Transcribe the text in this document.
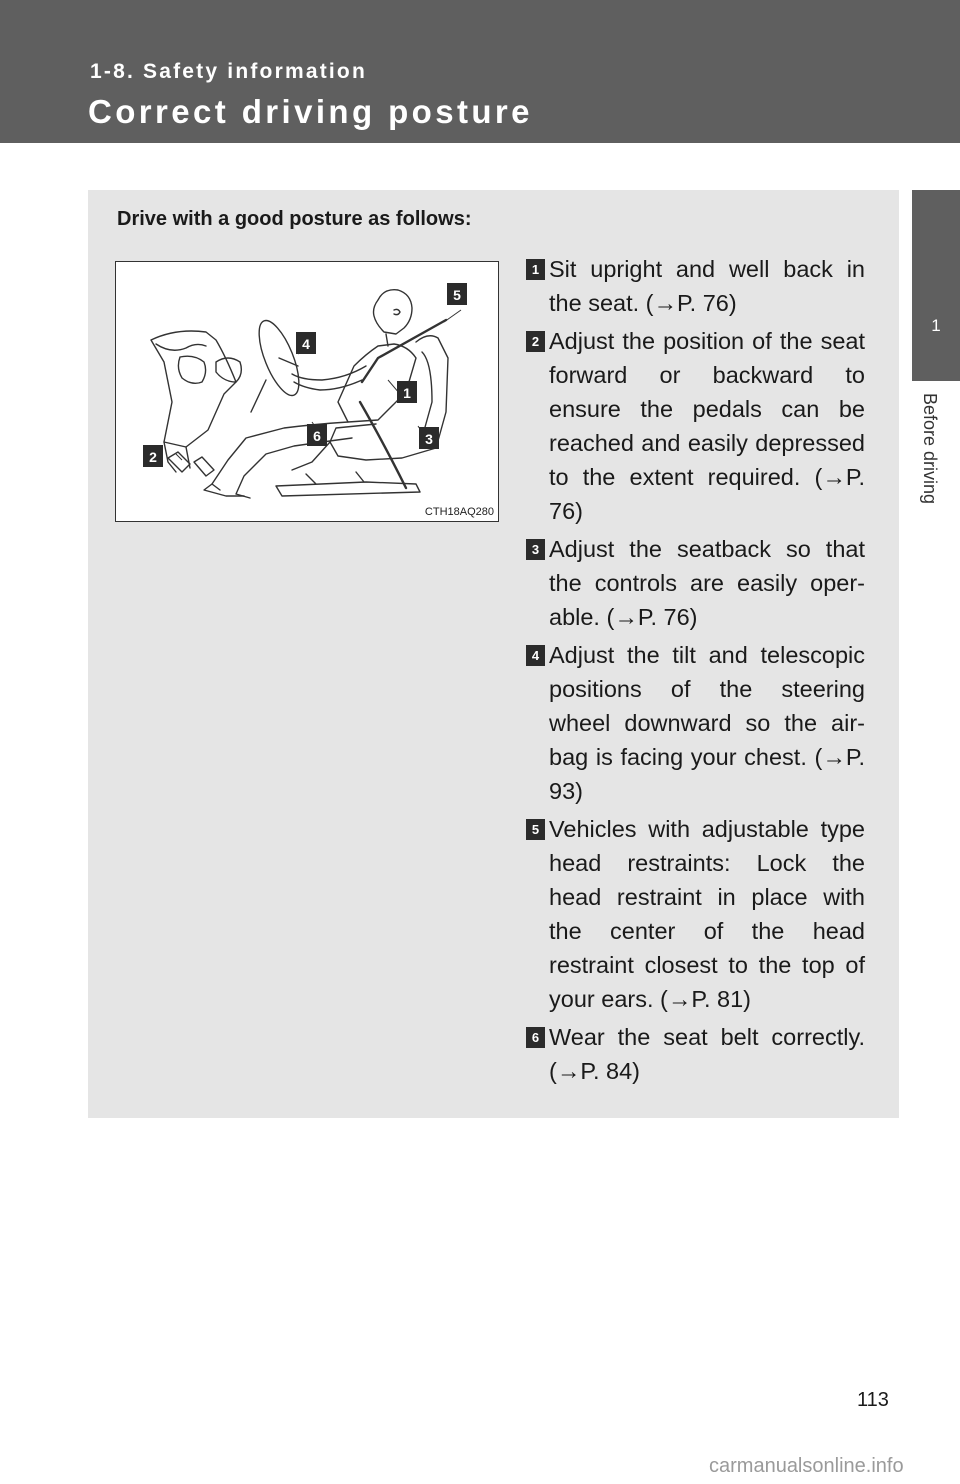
1-8. Safety information

Correct driving posture
1
Before driving

Drive with a good posture as follows:

5
4
1
3
6
2
CTH18AQ280
1 Sit upright and well back in the seat. (→P. 76)
2 Adjust the position of the seat forward or backward to ensure the pedals can be reached and easily depressed to the extent required. (→P. 76)
3 Adjust the seatback so that the controls are easily oper-able. (→P. 76)
4 Adjust the tilt and telescopic positions of the steering wheel downward so the air-bag is facing your chest. (→P. 93)
5 Vehicles with adjustable type head restraints: Lock the head restraint in place with the center of the head restraint closest to the top of your ears. (→P. 81)
6 Wear the seat belt correctly. (→P. 84)
113
carmanualsonline.info
